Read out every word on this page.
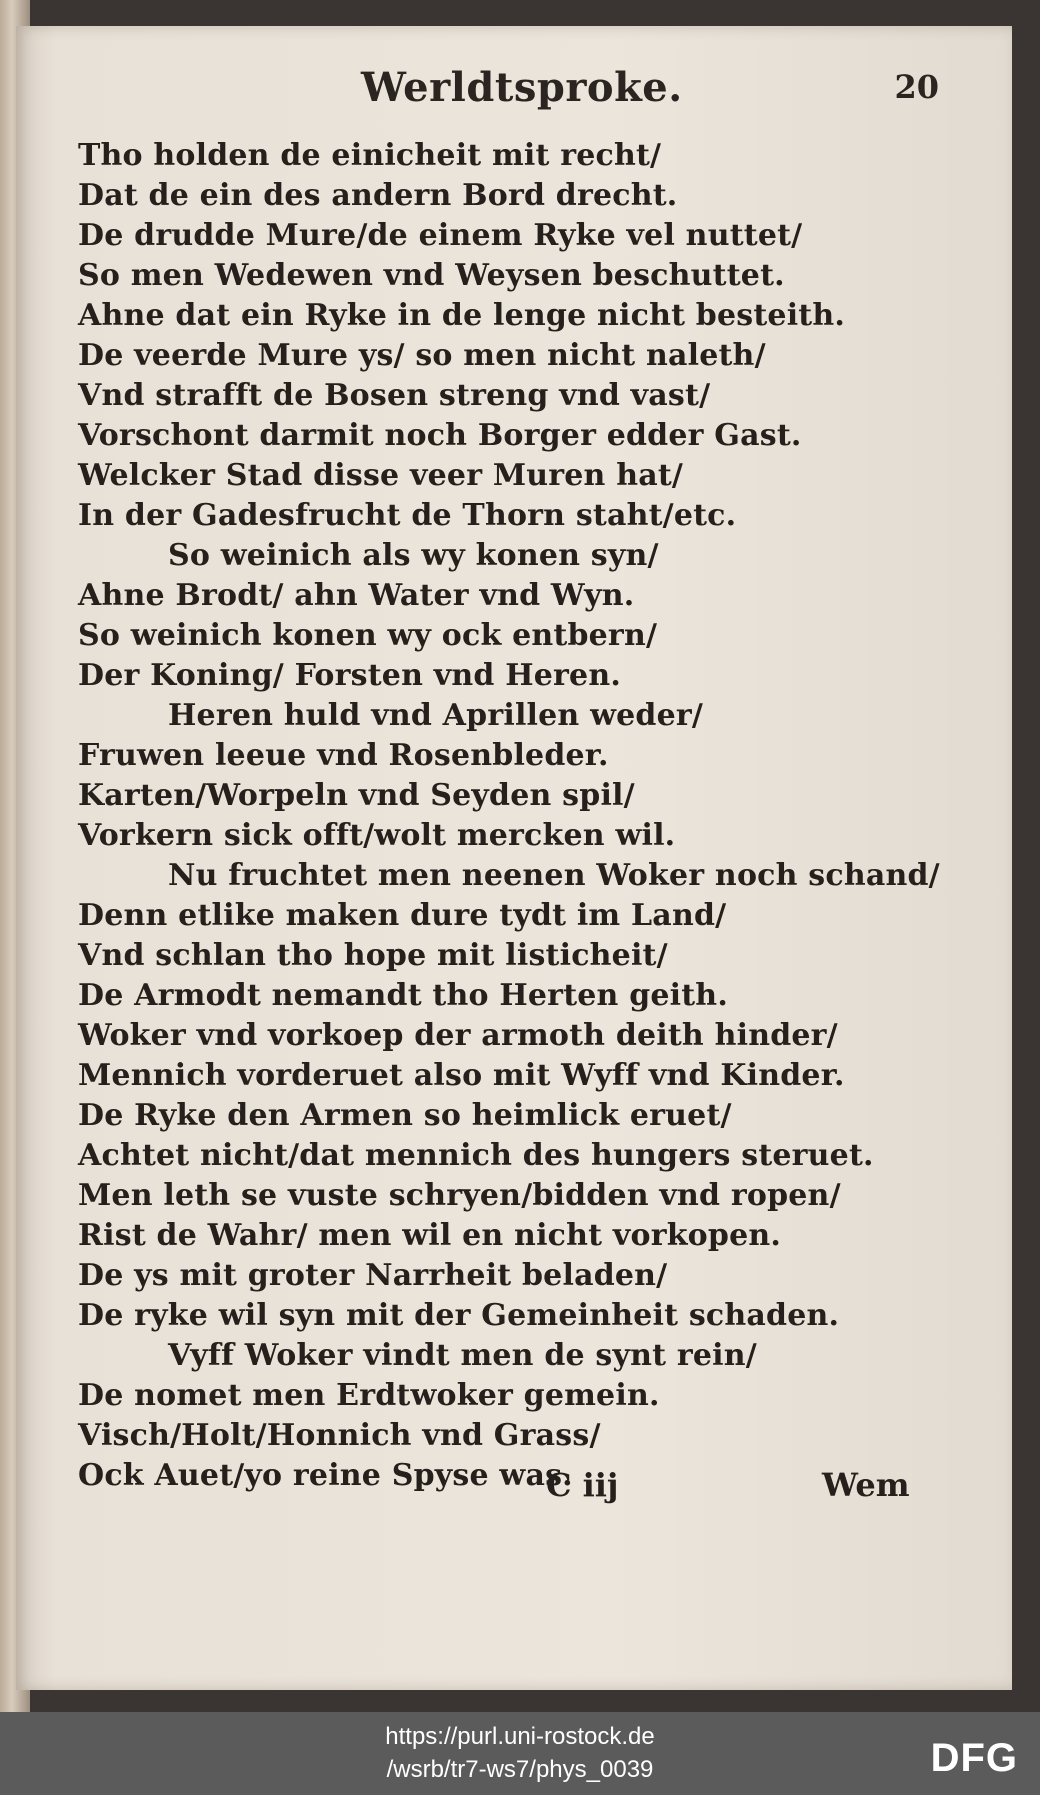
Werldtsproke.	20
Tho holden de einicheit mit recht/
Dat de ein des andern Bord drecht.
De drudde Mure/de einem Ryke vel nuttet/
So men Wedewen vnd Weysen beschuttet.
Ahne dat ein Ryke in de lenge nicht besteith.
De veerde Mure ys/ so men nicht naleth/
Vnd strafft de Bosen streng vnd vast/
Vorschont darmit noch Borger edder Gast.
Welcker Stad disse veer Muren hat/
In der Gadesfrucht de Thorn staht/etc.
So weinich als wy konen syn/
Ahne Brodt/ ahn Water vnd Wyn.
So weinich konen wy ock entbern/
Der Koning/ Forsten vnd Heren.
Heren huld vnd Aprillen weder/
Fruwen leeue vnd Rosenbleder.
Karten/Worpeln vnd Seyden spil/
Vorkern sick offt/wolt mercken wil.
Nu fruchtet men neenen Woker noch schand/
Denn etlike maken dure tydt im Land/
Vnd schlan tho hope mit listicheit/
De Armodt nemandt tho Herten geith.
Woker vnd vorkoep der armoth deith hinder/
Mennich vorderuet also mit Wyff vnd Kinder.
De Ryke den Armen so heimlick eruet/
Achtet nicht/dat mennich des hungers steruet.
Men leth se vuste schryen/bidden vnd ropen/
Rist de Wahr/ men wil en nicht vorkopen.
De ys mit groter Narrheit beladen/
De ryke wil syn mit der Gemeinheit schaden.
Vyff Woker vindt men de synt rein/
De nomet men Erdtwoker gemein.
Visch/Holt/Honnich vnd Grass/
Ock Auet/yo reine Spyse was.
C iij	Wem
https://purl.uni-rostock.de
/wsrb/tr7-ws7/phys_0039	DFG
